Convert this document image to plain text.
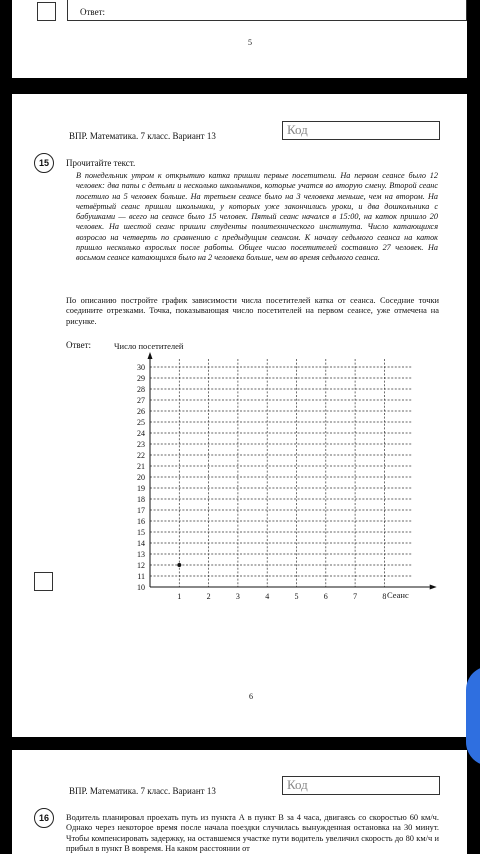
Ответ:
5
ВПР. Математика. 7 класс. Вариант 13	Код
15	Прочитайте текст.
В понедельник утром к открытию катка пришли первые посетители. На первом сеансе было 12 человек: два папы с детьми и несколько школьников, которые учатся во вторую смену. Второй сеанс посетило на 5 человек больше. На третьем сеансе было на 3 человека меньше, чем на втором. На четвёртый сеанс пришли школьники, у которых уже закончились уроки, и два дошкольника с бабушками — всего на сеансе было 15 человек. Пятый сеанс начался в 15:00, на каток пришло 20 человек. На шестой сеанс пришли студенты политехнического института. Число катающихся возросло на четверть по сравнению с предыдущим сеансом. К началу седьмого сеанса на каток пришло несколько взрослых после работы. Общее число посетителей составило 27 человек. На восьмом сеансе катающихся было на 2 человека больше, чем во время седьмого сеанса.
По описанию постройте график зависимости числа посетителей катка от сеанса. Соседние точки соедините отрезками. Точка, показывающая число посетителей на первом сеансе, уже отмечена на рисунке.
Ответ:
10
11
12
13
14
15
16
17
18
19
20
21
22
23
24
25
26
27
28
29
30
1	2	3	4	5	6	7	8
Число посетителей
Сеанс
6
ВПР. Математика. 7 класс. Вариант 13	Код
16	Водитель планировал проехать путь из пункта А в пункт В за 4 часа, двигаясь со скоростью 60 км/ч. Однако через некоторое время после начала поездки случилась вынужденная остановка на 30 минут. Чтобы компенсировать задержку, на оставшемся участке пути водитель увеличил скорость до 80 км/ч и прибыл в пункт В вовремя. На каком расстоянии от
